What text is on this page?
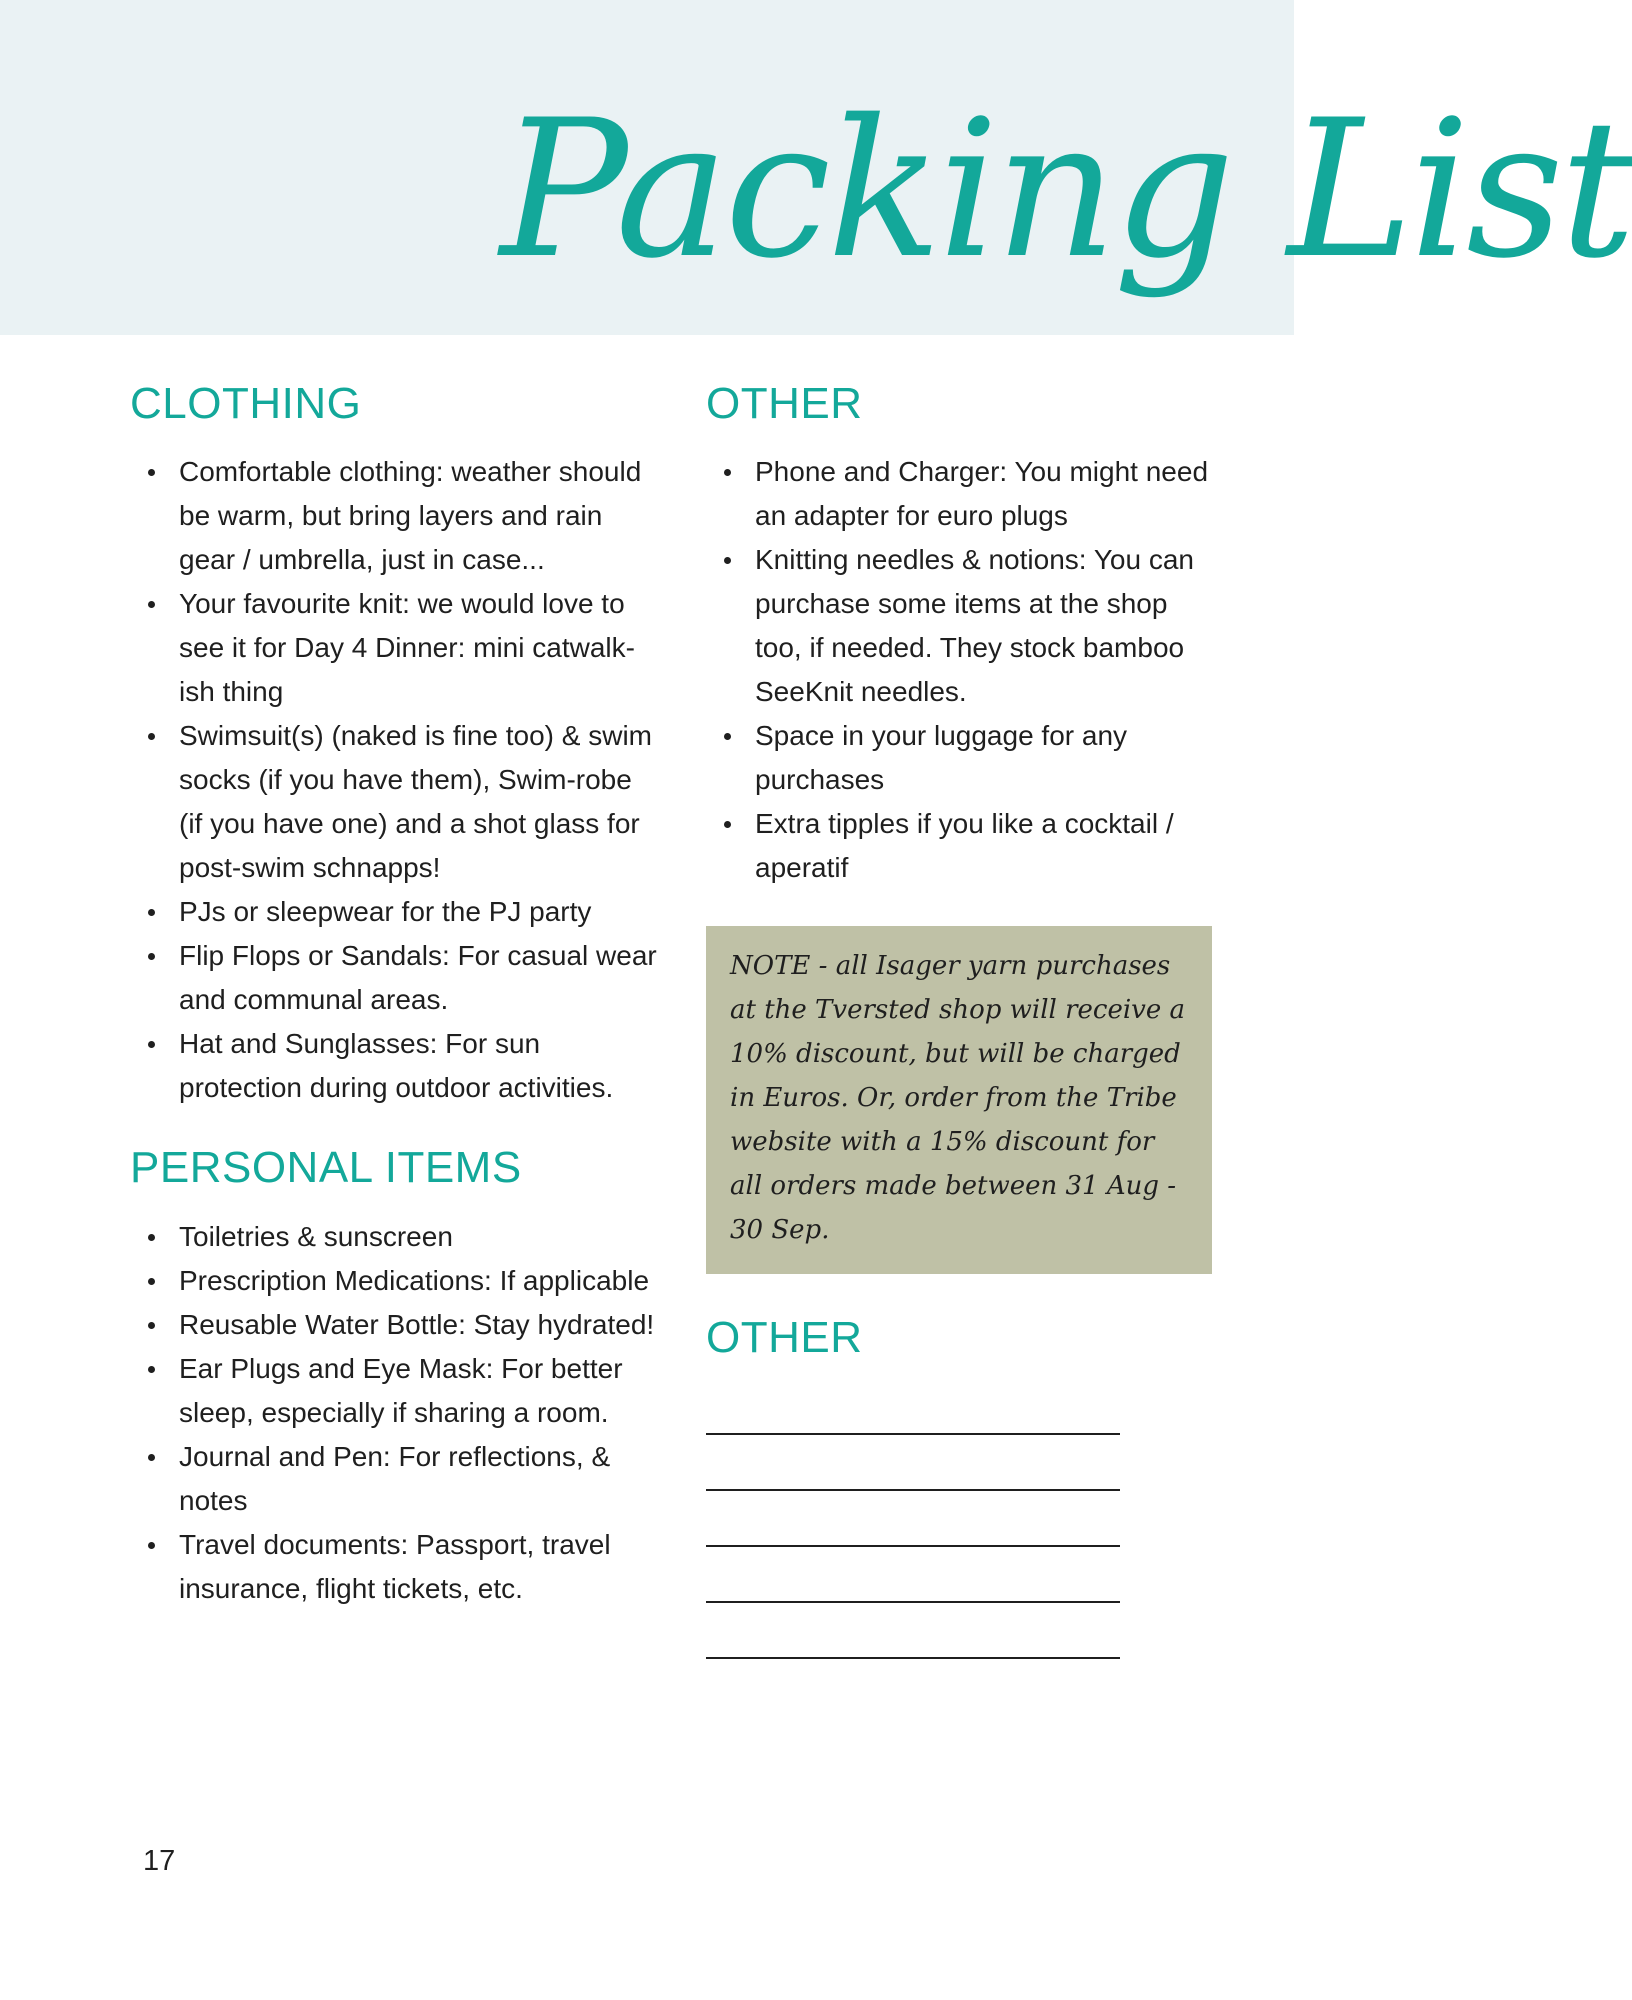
Packing List
CLOTHING
Comfortable clothing: weather should be warm, but bring layers and rain gear / umbrella, just in case...
Your favourite knit: we would love to see it for Day 4 Dinner: mini catwalk-ish thing
Swimsuit(s) (naked is fine too) & swim socks (if you have them), Swim-robe (if you have one) and a shot glass for post-swim schnapps!
PJs or sleepwear for the PJ party
Flip Flops or Sandals: For casual wear and communal areas.
Hat and Sunglasses: For sun protection during outdoor activities.
PERSONAL ITEMS
Toiletries & sunscreen
Prescription Medications: If applicable
Reusable Water Bottle: Stay hydrated!
Ear Plugs and Eye Mask: For better sleep, especially if sharing a room.
Journal and Pen: For reflections, & notes
Travel documents: Passport, travel insurance, flight tickets, etc.
OTHER
Phone and Charger: You might need an adapter for euro plugs
Knitting needles & notions: You can purchase some items at the shop too, if needed. They stock bamboo SeeKnit needles.
Space in your luggage for any purchases
Extra tipples if you like a cocktail / aperatif

NOTE - all Isager yarn purchases at the Tversted shop will receive a 10% discount, but will be charged in Euros. Or, order from the Tribe website with a 15% discount for all orders made between 31 Aug - 30 Sep.

OTHER
17
